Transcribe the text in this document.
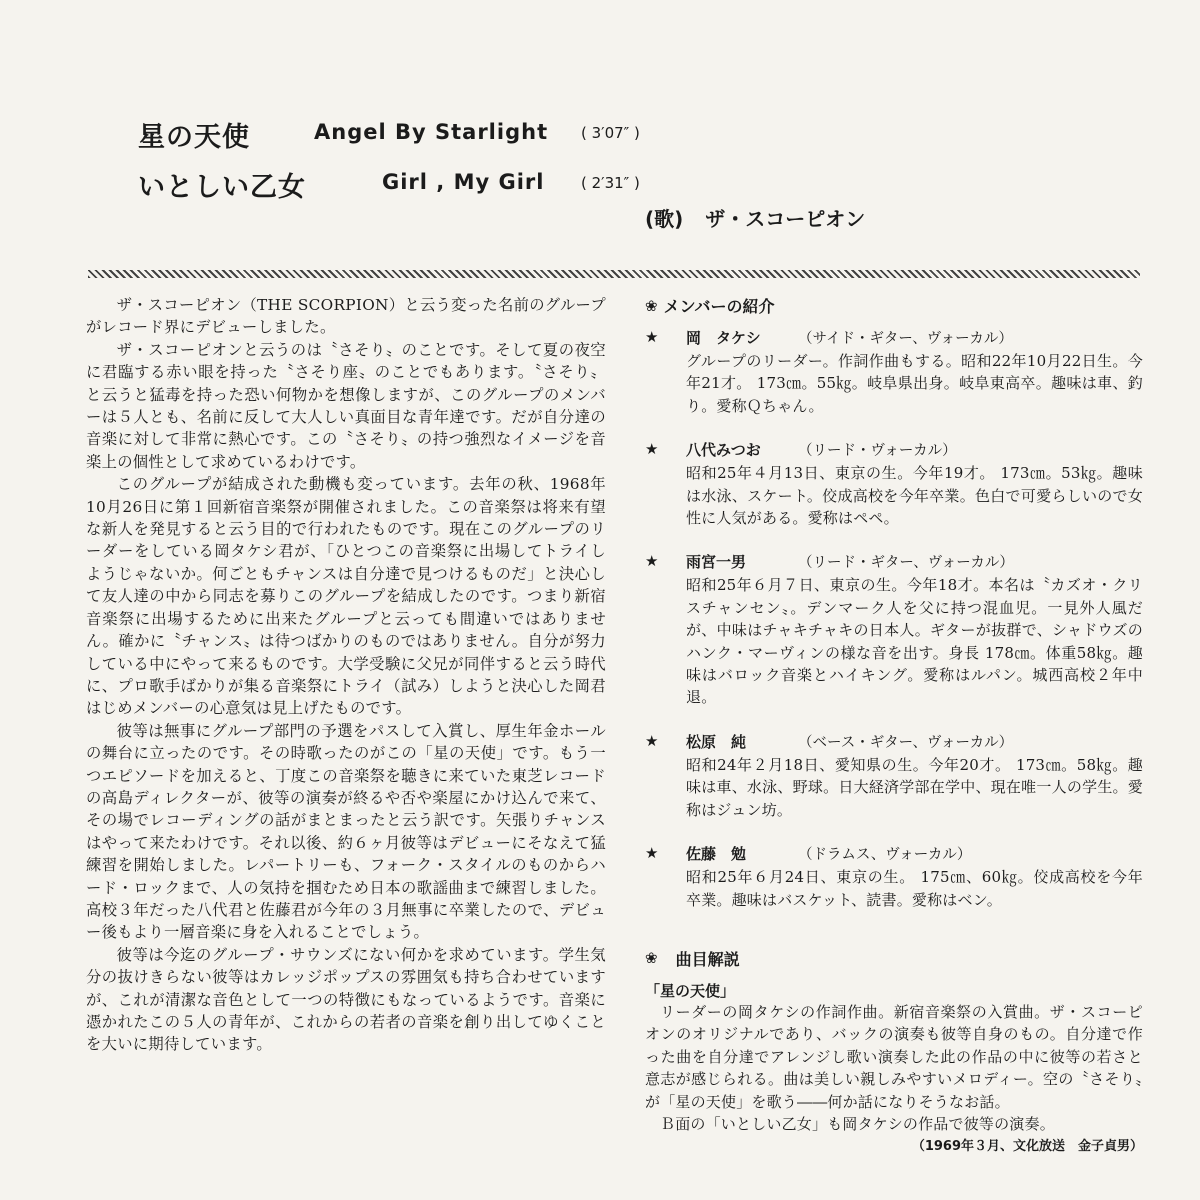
星の天使	Angel By Starlight ( 3′07″ )
いとしい乙女	Girl , My Girl ( 2′31″ )
(歌) ザ・スコーピオン

ザ・スコーピオン（THE SCORPION）と云う変った名前のグループがレコード界にデビューしました。

ザ・スコーピオンと云うのは〝さそり〟のことです。そして夏の夜空に君臨する赤い眼を持った〝さそり座〟のことでもあります。〝さそり〟と云うと猛毒を持った恐い何物かを想像しますが、このグループのメンバーは５人とも、名前に反して大人しい真面目な青年達です。だが自分達の音楽に対して非常に熱心です。この〝さそり〟の持つ強烈なイメージを音楽上の個性として求めているわけです。

このグループが結成された動機も変っています。去年の秋、1968年10月26日に第１回新宿音楽祭が開催されました。この音楽祭は将来有望な新人を発見すると云う目的で行われたものです。現在このグループのリーダーをしている岡タケシ君が、「ひとつこの音楽祭に出場してトライしようじゃないか。何ごともチャンスは自分達で見つけるものだ」と決心して友人達の中から同志を募りこのグループを結成したのです。つまり新宿音楽祭に出場するために出来たグループと云っても間違いではありません。確かに〝チャンス〟は待つばかりのものではありません。自分が努力している中にやって来るものです。大学受験に父兄が同伴すると云う時代に、プロ歌手ばかりが集る音楽祭にトライ（試み）しようと決心した岡君はじめメンバーの心意気は見上げたものです。

彼等は無事にグループ部門の予選をパスして入賞し、厚生年金ホールの舞台に立ったのです。その時歌ったのがこの「星の天使」です。もう一つエピソードを加えると、丁度この音楽祭を聴きに来ていた東芝レコードの高島ディレクターが、彼等の演奏が終るや否や楽屋にかけ込んで来て、その場でレコーディングの話がまとまったと云う訳です。矢張りチャンスはやって来たわけです。それ以後、約６ヶ月彼等はデビューにそなえて猛練習を開始しました。レパートリーも、フォーク・スタイルのものからハード・ロックまで、人の気持を掴むため日本の歌謡曲まで練習しました。高校３年だった八代君と佐藤君が今年の３月無事に卒業したので、デビュー後もより一層音楽に身を入れることでしょう。

彼等は今迄のグループ・サウンズにない何かを求めています。学生気分の抜けきらない彼等はカレッジポップスの雰囲気も持ち合わせていますが、これが清潔な音色として一つの特徴にもなっているようです。音楽に憑かれたこの５人の青年が、これからの若者の音楽を創り出してゆくことを大いに期待しています。

❀ メンバーの紹介
★ 岡　タケシ	（サイド・ギター、ヴォーカル）

グループのリーダー。作詞作曲もする。昭和22年10月22日生。今年21才。 173㎝。55㎏。岐阜県出身。岐阜東高卒。趣味は車、釣り。愛称Ｑちゃん。

★ 八代みつお	（リード・ヴォーカル）

昭和25年４月13日、東京の生。今年19才。 173㎝。53㎏。趣味は水泳、スケート。佼成高校を今年卒業。色白で可愛らしいので女性に人気がある。愛称はペペ。

★ 雨宮一男	（リード・ギター、ヴォーカル）

昭和25年６月７日、東京の生。今年18才。本名は〝カズオ・クリスチャンセン〟。デンマーク人を父に持つ混血児。一見外人風だが、中味はチャキチャキの日本人。ギターが抜群で、シャドウズのハンク・マーヴィンの様な音を出す。身長 178㎝。体重58㎏。趣味はバロック音楽とハイキング。愛称はルパン。城西高校２年中退。

★ 松原　純	（ベース・ギター、ヴォーカル）

昭和24年２月18日、愛知県の生。今年20才。 173㎝。58㎏。趣味は車、水泳、野球。日大経済学部在学中、現在唯一人の学生。愛称はジュン坊。

★ 佐藤　勉	（ドラムス、ヴォーカル）

昭和25年６月24日、東京の生。 175㎝、60㎏。佼成高校を今年卒業。趣味はバスケット、読書。愛称はベン。

❀ 曲目解説

「星の天使」

リーダーの岡タケシの作詞作曲。新宿音楽祭の入賞曲。ザ・スコーピオンのオリジナルであり、バックの演奏も彼等自身のもの。自分達で作った曲を自分達でアレンジし歌い演奏した此の作品の中に彼等の若さと意志が感じられる。曲は美しい親しみやすいメロディー。空の〝さそり〟が「星の天使」を歌う――何か話になりそうなお話。

Ｂ面の「いとしい乙女」も岡タケシの作品で彼等の演奏。

（1969年３月、文化放送　金子貞男）
